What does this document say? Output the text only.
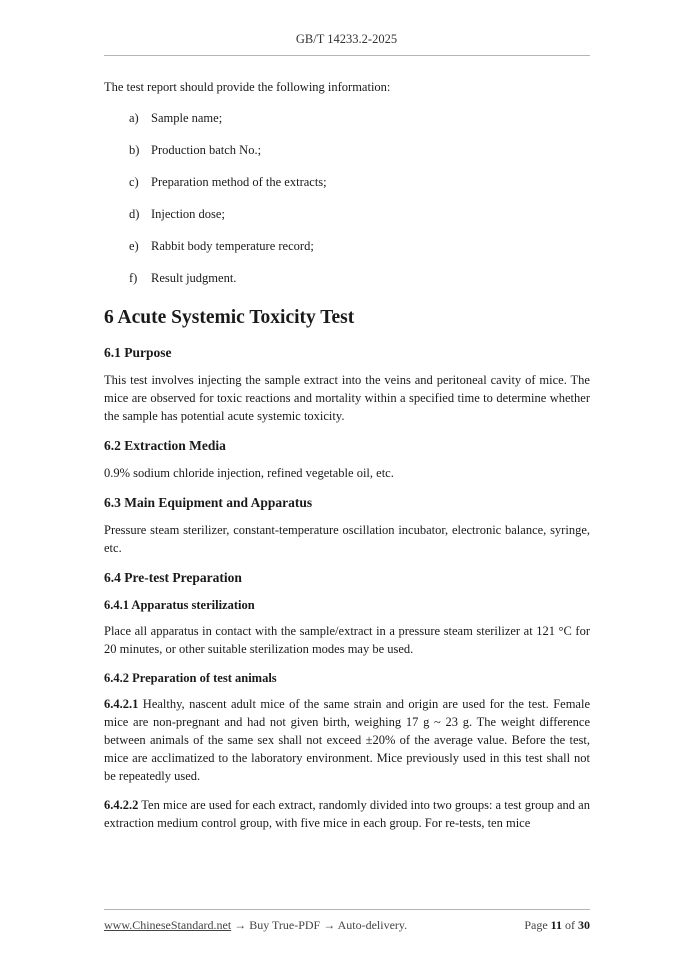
GB/T 14233.2-2025

The test report should provide the following information:

a) Sample name;
b) Production batch No.;
c) Preparation method of the extracts;
d) Injection dose;
e) Rabbit body temperature record;
f)	Result judgment.
6 Acute Systemic Toxicity Test
6.1 Purpose

This test involves injecting the sample extract into the veins and peritoneal cavity of mice. The mice are observed for toxic reactions and mortality within a specified time to determine whether the sample has potential acute systemic toxicity.

6.2 Extraction Media

0.9% sodium chloride injection, refined vegetable oil, etc.

6.3 Main Equipment and Apparatus

Pressure steam sterilizer, constant-temperature oscillation incubator, electronic balance, syringe, etc.

6.4 Pre-test Preparation
6.4.1 Apparatus sterilization

Place all apparatus in contact with the sample/extract in a pressure steam sterilizer at 121 °C for 20 minutes, or other suitable sterilization modes may be used.

6.4.2 Preparation of test animals

6.4.2.1 Healthy, nascent adult mice of the same strain and origin are used for the test. Female mice are non-pregnant and had not given birth, weighing 17 g ~ 23 g. The weight difference between animals of the same sex shall not exceed ±20% of the average value. Before the test, mice are acclimatized to the laboratory environment. Mice previously used in this test shall not be repeatedly used.

6.4.2.2 Ten mice are used for each extract, randomly divided into two groups: a test group and an extraction medium control group, with five mice in each group. For re-tests, ten mice

www.ChineseStandard.net → Buy True-PDF → Auto-delivery.	Page 11 of 30
